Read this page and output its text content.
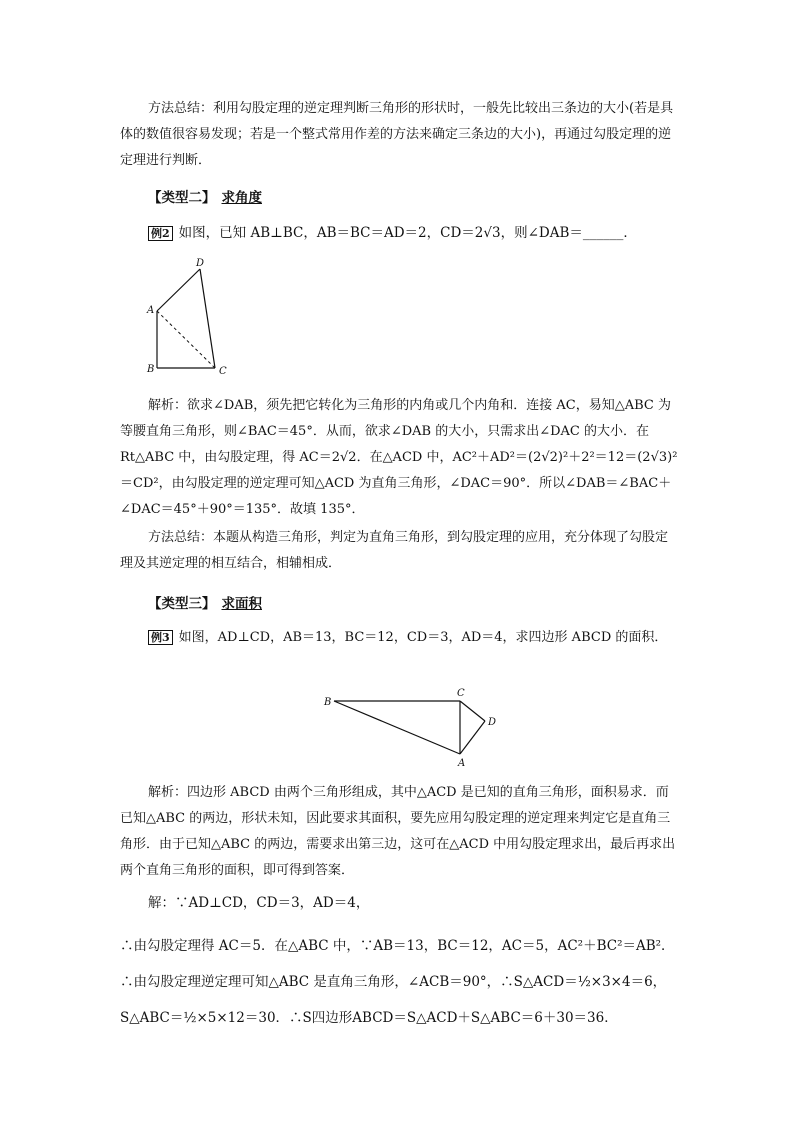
方法总结：利用勾股定理的逆定理判断三角形的形状时，一般先比较出三条边的大小(若是具体的数值很容易发现；若是一个整式常用作差的方法来确定三条边的大小)，再通过勾股定理的逆定理进行判断．

【类型二】 求角度

例2 如图，已知 AB⊥BC，AB＝BC＝AD＝2，CD＝2√3，则∠DAB＝______．

D
A
B	C

解析：欲求∠DAB，须先把它转化为三角形的内角或几个内角和．连接 AC，易知△ABC 为等腰直角三角形，则∠BAC＝45°．从而，欲求∠DAB 的大小，只需求出∠DAC 的大小．在 Rt△ABC 中，由勾股定理，得 AC＝2√2．在△ACD 中，AC²＋AD²＝(2√2)²＋2²＝12＝(2√3)²＝CD²，由勾股定理的逆定理可知△ACD 为直角三角形，∠DAC＝90°．所以∠DAB＝∠BAC＋∠DAC＝45°＋90°＝135°．故填 135°．

方法总结：本题从构造三角形，判定为直角三角形，到勾股定理的应用，充分体现了勾股定理及其逆定理的相互结合，相辅相成．

【类型三】 求面积

例3 如图，AD⊥CD，AB＝13，BC＝12，CD＝3，AD＝4，求四边形 ABCD 的面积．

B
C
D
A

解析：四边形 ABCD 由两个三角形组成，其中△ACD 是已知的直角三角形，面积易求．而已知△ABC 的两边，形状未知，因此要求其面积，要先应用勾股定理的逆定理来判定它是直角三角形．由于已知△ABC 的两边，需要求出第三边，这可在△ACD 中用勾股定理求出，最后再求出两个直角三角形的面积，即可得到答案．

解：∵AD⊥CD，CD＝3，AD＝4，

∴由勾股定理得 AC＝5．在△ABC 中，∵AB＝13，BC＝12，AC＝5，AC²＋BC²＝AB²．∴由勾股定理逆定理可知△ABC 是直角三角形，∠ACB＝90°，∴S△ACD＝½×3×4＝6，S△ABC＝½×5×12＝30．∴S四边形ABCD＝S△ACD＋S△ABC＝6＋30＝36．
